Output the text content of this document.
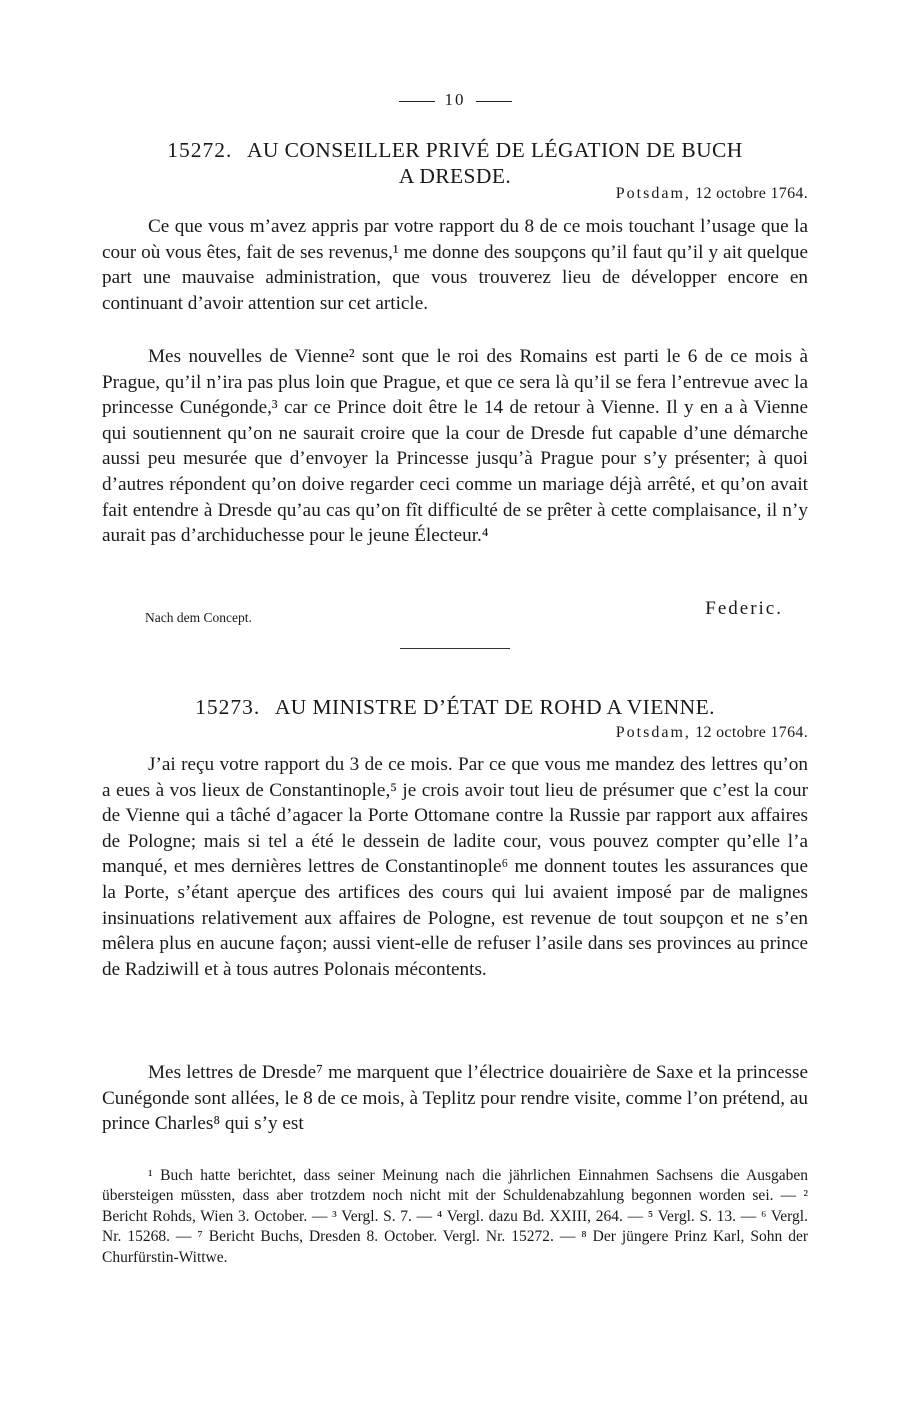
10
15272. AU CONSEILLER PRIVÉ DE LÉGATION DE BUCH
A DRESDE.
Potsdam, 12 octobre 1764.

Ce que vous m’avez appris par votre rapport du 8 de ce mois touchant l’usage que la cour où vous êtes, fait de ses revenus,¹ me donne des soupçons qu’il faut qu’il y ait quelque part une mauvaise administration, que vous trouverez lieu de développer encore en continuant d’avoir attention sur cet article.

Mes nouvelles de Vienne² sont que le roi des Romains est parti le 6 de ce mois à Prague, qu’il n’ira pas plus loin que Prague, et que ce sera là qu’il se fera l’entrevue avec la princesse Cunégonde,³ car ce Prince doit être le 14 de retour à Vienne. Il y en a à Vienne qui soutiennent qu’on ne saurait croire que la cour de Dresde fut capable d’une démarche aussi peu mesurée que d’envoyer la Princesse jusqu’à Prague pour s’y présenter; à quoi d’autres répondent qu’on doive regarder ceci comme un mariage déjà arrêté, et qu’on avait fait entendre à Dresde qu’au cas qu’on fît difficulté de se prêter à cette complaisance, il n’y aurait pas d’archiduchesse pour le jeune Électeur.⁴

Nach dem Concept.	Federic.
15273. AU MINISTRE D’ÉTAT DE ROHD A VIENNE.
Potsdam, 12 octobre 1764.

J’ai reçu votre rapport du 3 de ce mois. Par ce que vous me mandez des lettres qu’on a eues à vos lieux de Constantinople,⁵ je crois avoir tout lieu de présumer que c’est la cour de Vienne qui a tâché d’agacer la Porte Ottomane contre la Russie par rapport aux affaires de Pologne; mais si tel a été le dessein de ladite cour, vous pouvez compter qu’elle l’a manqué, et mes dernières lettres de Constantinople⁶ me donnent toutes les assurances que la Porte, s’étant aperçue des artifices des cours qui lui avaient imposé par de malignes insinuations relativement aux affaires de Pologne, est revenue de tout soupçon et ne s’en mêlera plus en aucune façon; aussi vient-elle de refuser l’asile dans ses provinces au prince de Radziwill et à tous autres Polonais mécontents.

Mes lettres de Dresde⁷ me marquent que l’électrice douairière de Saxe et la princesse Cunégonde sont allées, le 8 de ce mois, à Teplitz pour rendre visite, comme l’on prétend, au prince Charles⁸ qui s’y est

¹ Buch hatte berichtet, dass seiner Meinung nach die jährlichen Einnahmen Sachsens die Ausgaben übersteigen müssten, dass aber trotzdem noch nicht mit der Schuldenabzahlung begonnen worden sei. — ² Bericht Rohds, Wien 3. October. — ³ Vergl. S. 7. — ⁴ Vergl. dazu Bd. XXIII, 264. — ⁵ Vergl. S. 13. — ⁶ Vergl. Nr. 15268. — ⁷ Bericht Buchs, Dresden 8. October. Vergl. Nr. 15272. — ⁸ Der jüngere Prinz Karl, Sohn der Churfürstin-Wittwe.
